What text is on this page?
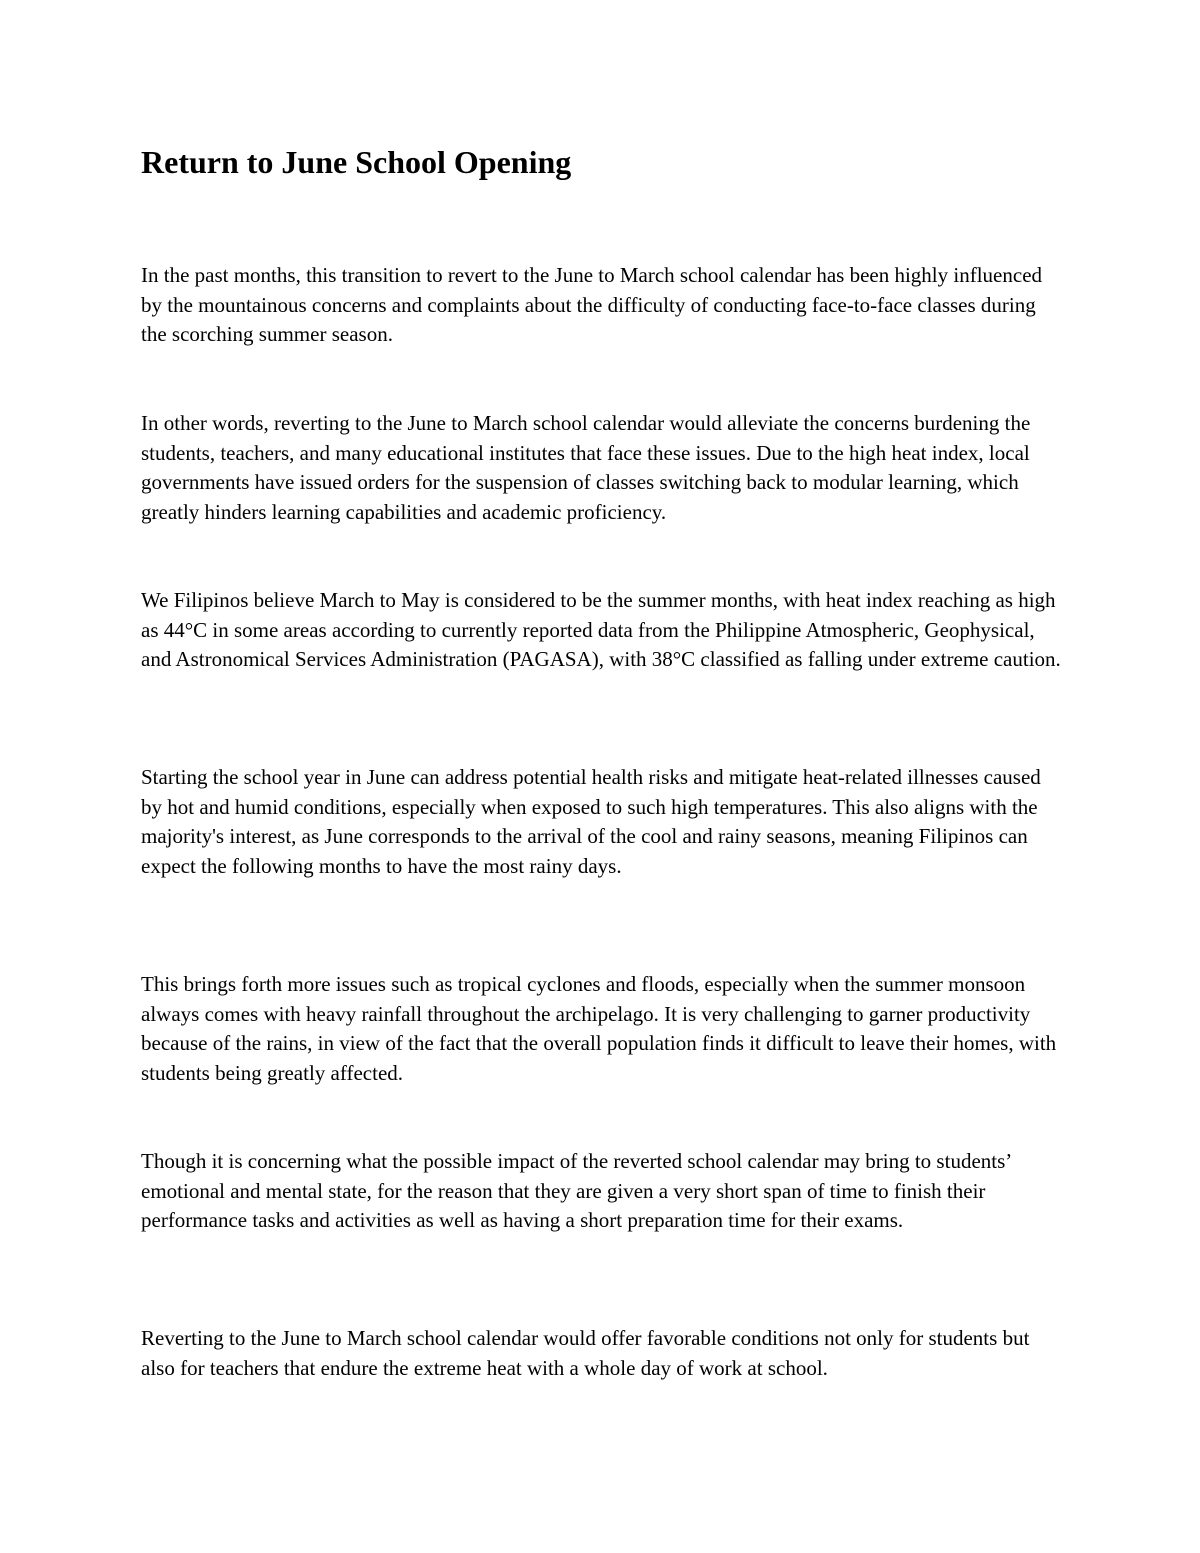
Return to June School Opening

In the past months, this transition to revert to the June to March school calendar has been highly influenced by the mountainous concerns and complaints about the difficulty of conducting face-to-face classes during the scorching summer season.

In other words, reverting to the June to March school calendar would alleviate the concerns burdening the students, teachers, and many educational institutes that face these issues. Due to the high heat index, local governments have issued orders for the suspension of classes switching back to modular learning, which greatly hinders learning capabilities and academic proficiency.

We Filipinos believe March to May is considered to be the summer months, with heat index reaching as high as 44°C in some areas according to currently reported data from the Philippine Atmospheric, Geophysical, and Astronomical Services Administration (PAGASA), with 38°C classified as falling under extreme caution.

Starting the school year in June can address potential health risks and mitigate heat-related illnesses caused by hot and humid conditions, especially when exposed to such high temperatures. This also aligns with the majority's interest, as June corresponds to the arrival of the cool and rainy seasons, meaning Filipinos can expect the following months to have the most rainy days.

This brings forth more issues such as tropical cyclones and floods, especially when the summer monsoon always comes with heavy rainfall throughout the archipelago. It is very challenging to garner productivity because of the rains, in view of the fact that the overall population finds it difficult to leave their homes, with students being greatly affected.

Though it is concerning what the possible impact of the reverted school calendar may bring to students’ emotional and mental state, for the reason that they are given a very short span of time to finish their performance tasks and activities as well as having a short preparation time for their exams.

Reverting to the June to March school calendar would offer favorable conditions not only for students but also for teachers that endure the extreme heat with a whole day of work at school.
